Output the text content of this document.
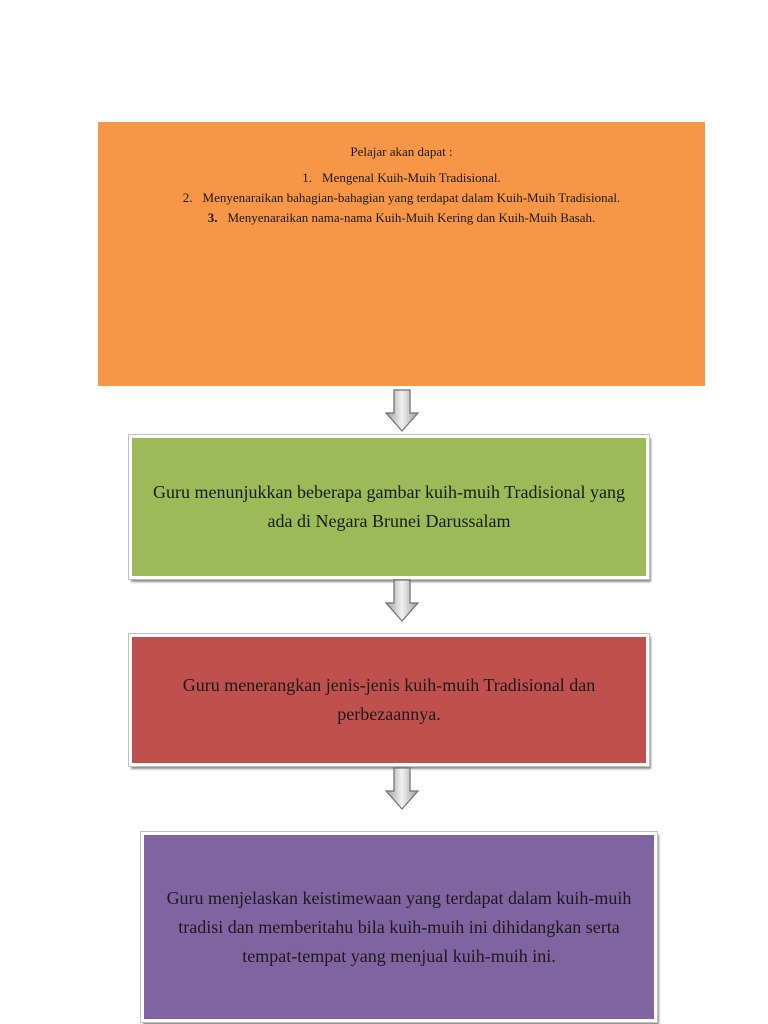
Pelajar akan dapat :

1. Mengenal Kuih-Muih Tradisional.
2. Menyenaraikan bahagian-bahagian yang terdapat dalam Kuih-Muih Tradisional.
3. Menyenaraikan nama-nama Kuih-Muih Kering dan Kuih-Muih Basah.

Guru menunjukkan beberapa gambar kuih-muih Tradisional yang ada di Negara Brunei Darussalam

Guru menerangkan jenis-jenis kuih-muih Tradisional dan perbezaannya.

Guru menjelaskan keistimewaan yang terdapat dalam kuih-muih tradisi dan memberitahu bila kuih-muih ini dihidangkan serta tempat-tempat yang menjual kuih-muih ini.
